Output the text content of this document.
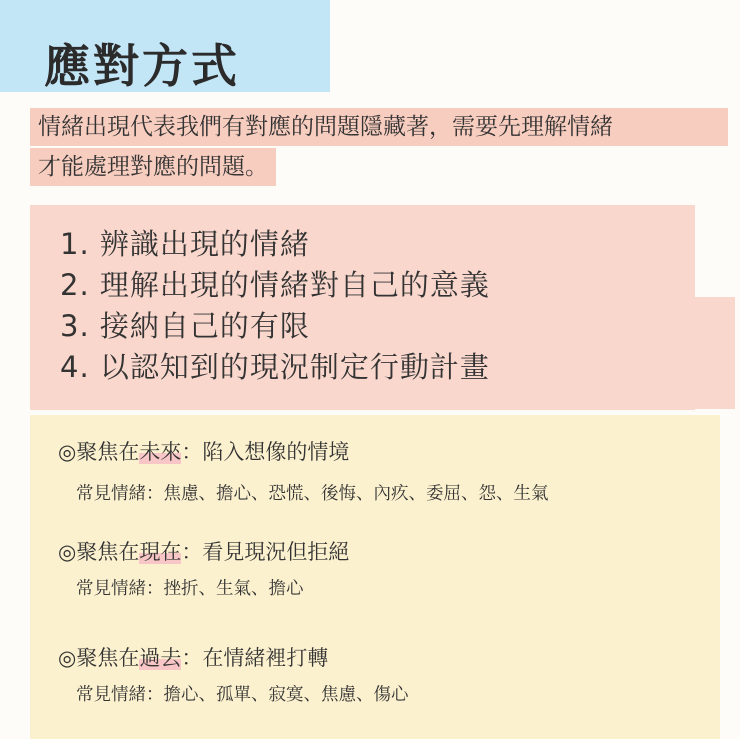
應對方式
情緒出現代表我們有對應的問題隱藏著，需要先理解情緒
才能處理對應的問題。
1. 辨識出現的情緒
2. 理解出現的情緒對自己的意義
3. 接納自己的有限
4. 以認知到的現況制定行動計畫
◎聚焦在未來：陷入想像的情境
常見情緒：焦慮、擔心、恐慌、後悔、內疚、委屈、怨、生氣
◎聚焦在現在：看見現況但拒絕
常見情緒：挫折、生氣、擔心
◎聚焦在過去：在情緒裡打轉
常見情緒：擔心、孤單、寂寞、焦慮、傷心
